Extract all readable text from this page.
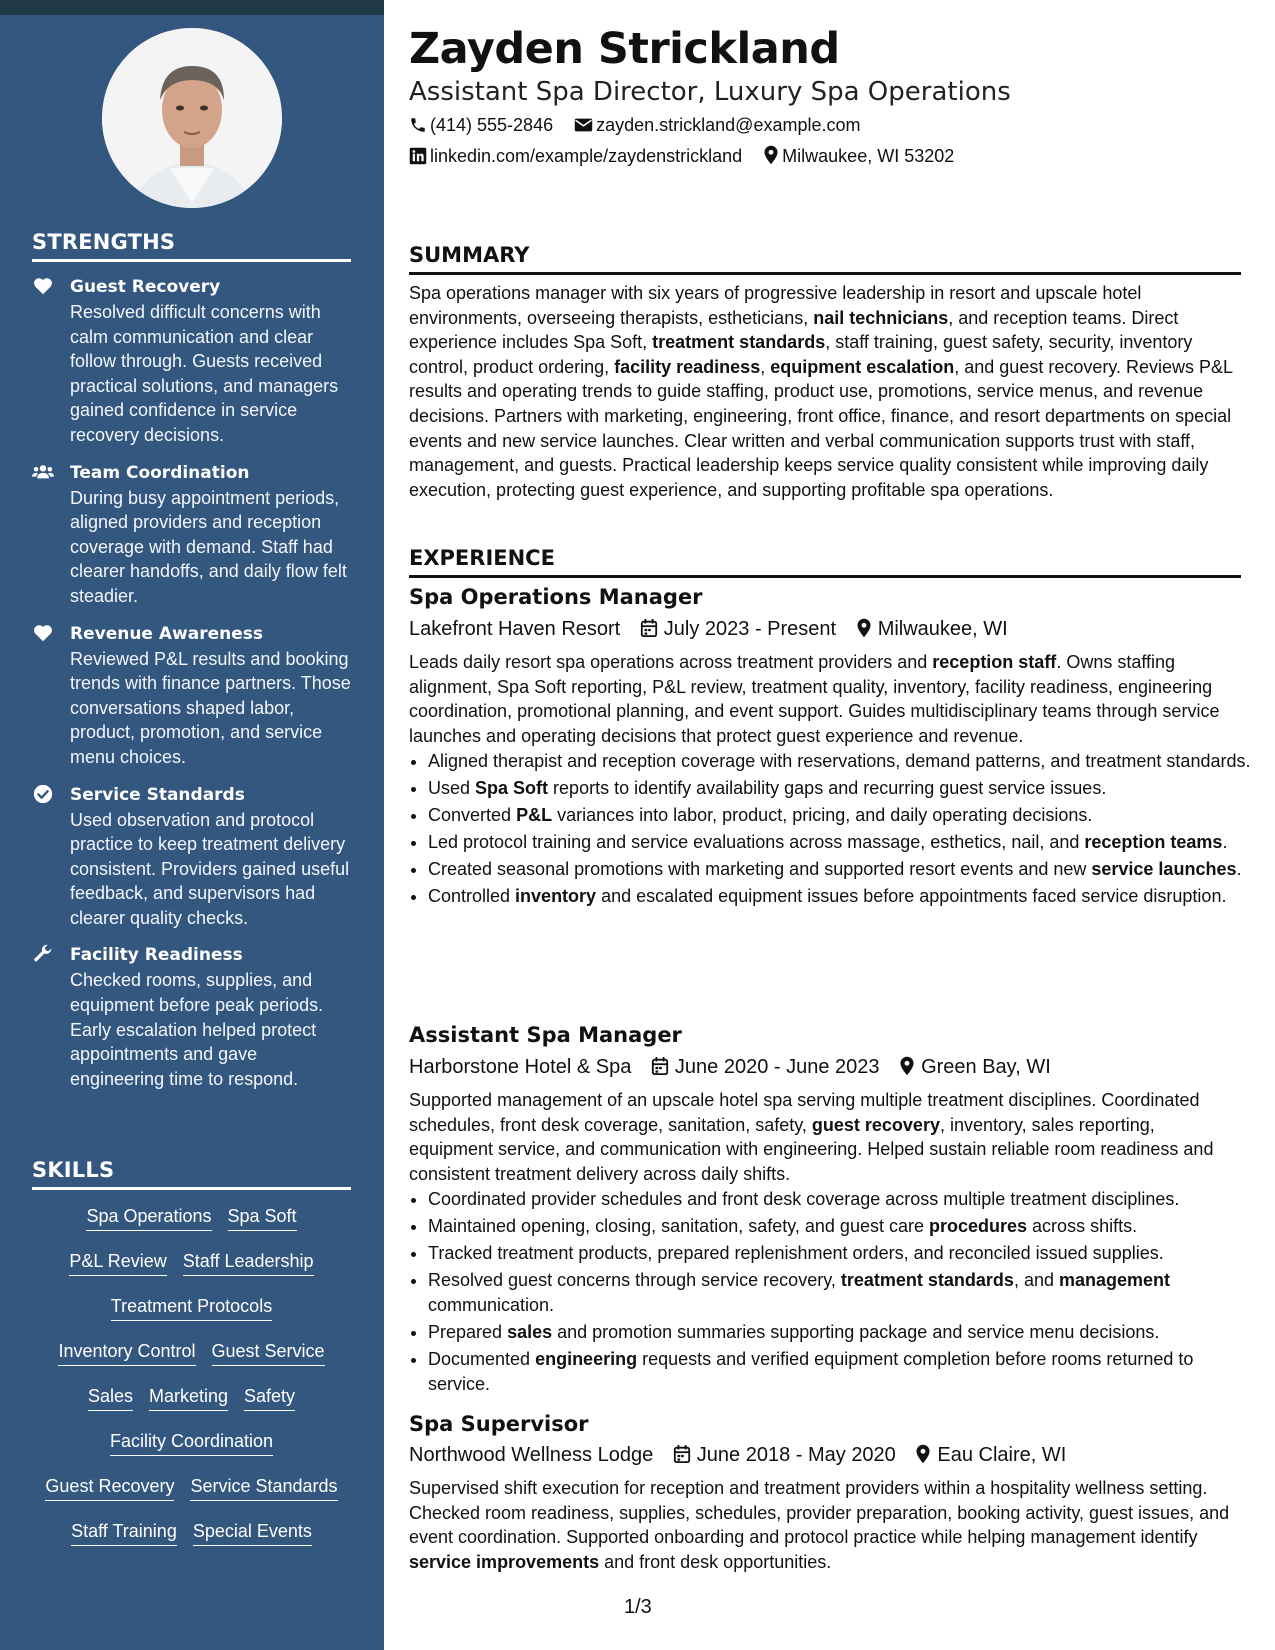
STRENGTHS
Guest Recovery
Resolved difficult concerns with calm communication and clear follow through. Guests received practical solutions, and managers gained confidence in service recovery decisions.
Team Coordination
During busy appointment periods, aligned providers and reception coverage with demand. Staff had clearer handoffs, and daily flow felt steadier.
Revenue Awareness
Reviewed P&L results and booking trends with finance partners. Those conversations shaped labor, product, promotion, and service menu choices.
Service Standards
Used observation and protocol practice to keep treatment delivery consistent. Providers gained useful feedback, and supervisors had clearer quality checks.
Facility Readiness
Checked rooms, supplies, and equipment before peak periods. Early escalation helped protect appointments and gave engineering time to respond.
SKILLS
Spa Operations Spa Soft
P&L Review Staff Leadership
Treatment Protocols
Inventory Control Guest Service
Sales Marketing Safety
Facility Coordination
Guest Recovery Service Standards
Staff Training Special Events
Zayden Strickland
Assistant Spa Director, Luxury Spa Operations
(414) 555-2846 zayden.strickland@example.com
linkedin.com/example/zaydenstrickland Milwaukee, WI 53202
SUMMARY

Spa operations manager with six years of progressive leadership in resort and upscale hotel environments, overseeing therapists, estheticians, nail technicians, and reception teams. Direct experience includes Spa Soft, treatment standards, staff training, guest safety, security, inventory control, product ordering, facility readiness, equipment escalation, and guest recovery. Reviews P&L results and operating trends to guide staffing, product use, promotions, service menus, and revenue decisions. Partners with marketing, engineering, front office, finance, and resort departments on special events and new service launches. Clear written and verbal communication supports trust with staff, management, and guests. Practical leadership keeps service quality consistent while improving daily execution, protecting guest experience, and supporting profitable spa operations.

EXPERIENCE
Spa Operations Manager
Lakefront Haven Resort July 2023 - Present Milwaukee, WI

Leads daily resort spa operations across treatment providers and reception staff. Owns staffing alignment, Spa Soft reporting, P&L review, treatment quality, inventory, facility readiness, engineering coordination, promotional planning, and event support. Guides multidisciplinary teams through service launches and operating decisions that protect guest experience and revenue.

• Aligned therapist and reception coverage with reservations, demand patterns, and treatment standards.
• Used Spa Soft reports to identify availability gaps and recurring guest service issues.
• Converted P&L variances into labor, product, pricing, and daily operating decisions.
• Led protocol training and service evaluations across massage, esthetics, nail, and reception teams.
• Created seasonal promotions with marketing and supported resort events and new service launches.
• Controlled inventory and escalated equipment issues before appointments faced service disruption.
Assistant Spa Manager
Harborstone Hotel & Spa June 2020 - June 2023 Green Bay, WI

Supported management of an upscale hotel spa serving multiple treatment disciplines. Coordinated schedules, front desk coverage, sanitation, safety, guest recovery, inventory, sales reporting, equipment service, and communication with engineering. Helped sustain reliable room readiness and consistent treatment delivery across daily shifts.

• Coordinated provider schedules and front desk coverage across multiple treatment disciplines.
• Maintained opening, closing, sanitation, safety, and guest care procedures across shifts.
• Tracked treatment products, prepared replenishment orders, and reconciled issued supplies.
• Resolved guest concerns through service recovery, treatment standards, and management communication.
• Prepared sales and promotion summaries supporting package and service menu decisions.
• Documented engineering requests and verified equipment completion before rooms returned to service.
Spa Supervisor
Northwood Wellness Lodge June 2018 - May 2020 Eau Claire, WI

Supervised shift execution for reception and treatment providers within a hospitality wellness setting. Checked room readiness, supplies, schedules, provider preparation, booking activity, guest issues, and event coordination. Supported onboarding and protocol practice while helping management identify service improvements and front desk opportunities.

1/3
